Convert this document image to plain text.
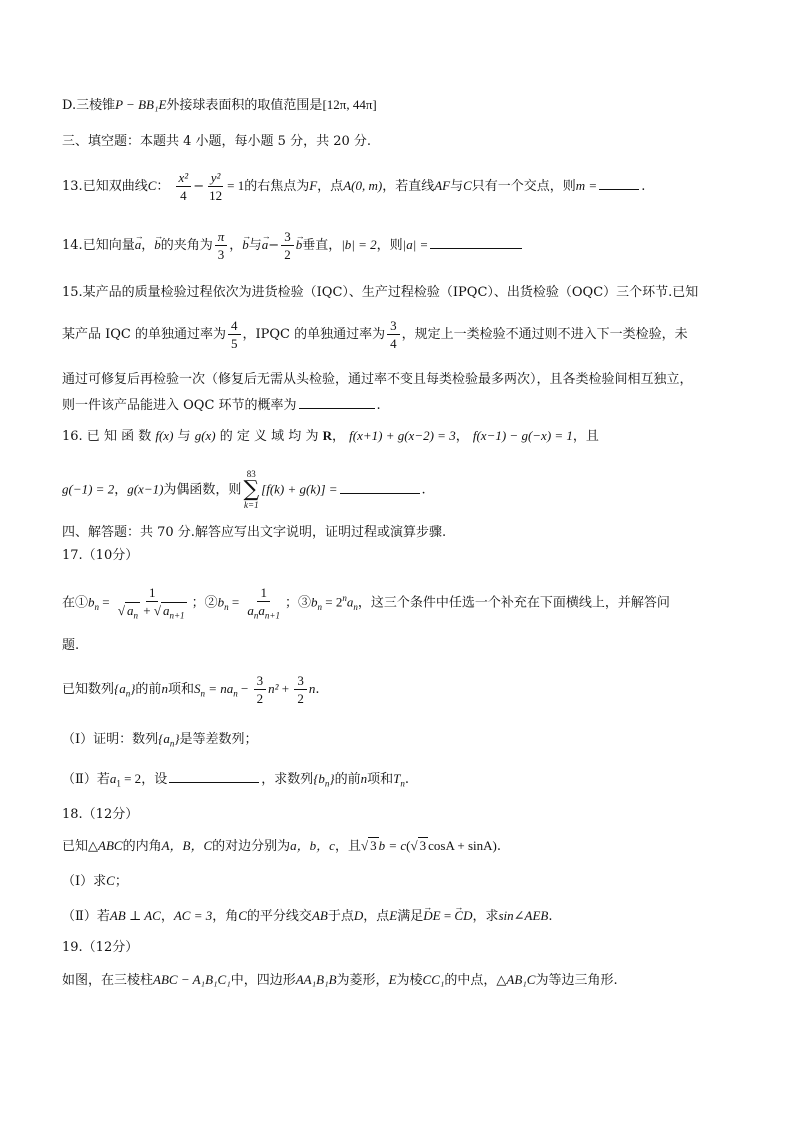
D.三棱锥P − BB₁E外接球表面积的取值范围是[12π, 44π]
三、填空题：本题共 4 小题，每小题 5 分，共 20 分.
13.已知双曲线C： $\frac{\text{x²}}{4} - \frac{\text{y²}}{12} = 1$的右焦点为F，点A(0, m)，若直线AF与C只有一个交点，则m =	.
14.已知向量→ a，→ b的夹角为 $\frac{\pi}{3}$ ，→ b与→ $a- \frac{3}{2}$
→ b垂直，|b| = 2，则|a| =
15.某产品的质量检验过程依次为进货检验（IQC）、生产过程检验（IPQC）、出货检验（OQC）三个环节.已知
某产品 IQC 的单独通过率为 $\frac{4}{5}$ ，IPQC 的单独通过率为 $\frac{3}{4}$ ，规定上一类检验不通过则不进入下一类检验，未
通过可修复后再检验一次（修复后无需从头检验，通过率不变且每类检验最多两次），且各类检验间相互独立，
则一件该产品能进入 OQC 环节的概率为	.
16. 已 知 函 数 f(x) 与 g(x) 的 定 义 域 均 为 R， f(x+1) + g(x−2) = 3， f(x−1) − g(−x) = 1，且
g(−1) = 2，g(x−1)为偶函数，则
83
∑
k=1
[f(k) + g(k)] =	.
四、解答题：共 70 分.解答应写出文字说明，证明过程或演算步骤.
17.（10分）
在$①b_n = \frac{1}{√ a_n + √ a_{n+1}}$ ；$②b_n = \frac{1}{a_na_{n+1}}$ ；$③b_n = 2^na_n$，这三个条件中任选一个补充在下面横线上，并解答问
题.
已知数列$\{a_n\}$的前n项和$S_n = na_n - \frac{3}{2} n^2 + \frac{3}{2} n$.
（Ⅰ）证明：数列$\{a_n\}$是等差数列；
（Ⅱ）若$a_1 = 2$，设	，求数列$\{b_n\}$的前n项和$T_n$.
18.（12分）
已知△ABC的内角A，B，C的对边分别为a，b，c，且√ 3 b = c(√ 3 cosA + sinA).
（Ⅰ）求C；
（Ⅱ）若AB ⊥ AC，AC = 3，角C的平分线交AB于点D，点E满足→ DE = → CD，求sin∠AEB.
19.（12分）
如图，在三棱柱ABC − A₁B₁C₁中，四边形AA₁B₁B为菱形，E为棱CC₁的中点，△AB₁C为等边三角形.
